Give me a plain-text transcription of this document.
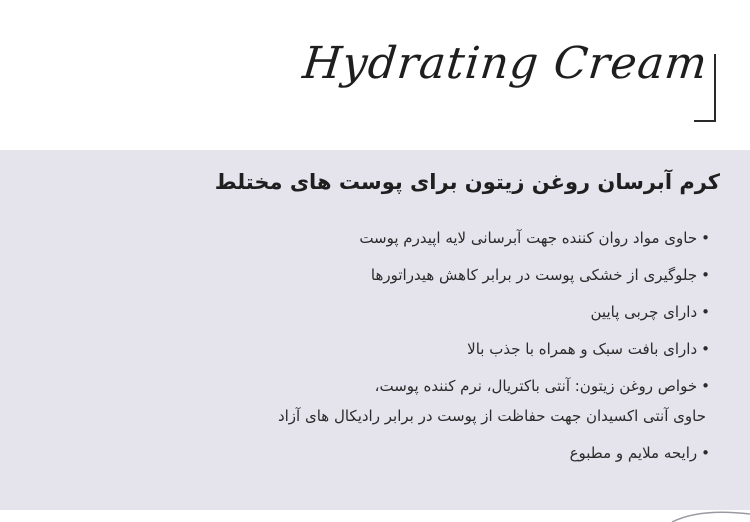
Hydrating Cream
کرم آبرسان روغن زیتون برای پوست های مختلط
•حاوی مواد روان کننده جهت آبرسانی لایه اپیدرم پوست
•جلوگیری از خشکی پوست در برابر کاهش هیدراتورها
•دارای چربی پایین
•دارای بافت سبک و همراه با جذب بالا
•خواص روغن زیتون: آنتی باکتریال، نرم کننده پوست،
حاوی آنتی اکسیدان جهت حفاظت از پوست در برابر رادیکال های آزاد
•رایحه ملایم و مطبوع
